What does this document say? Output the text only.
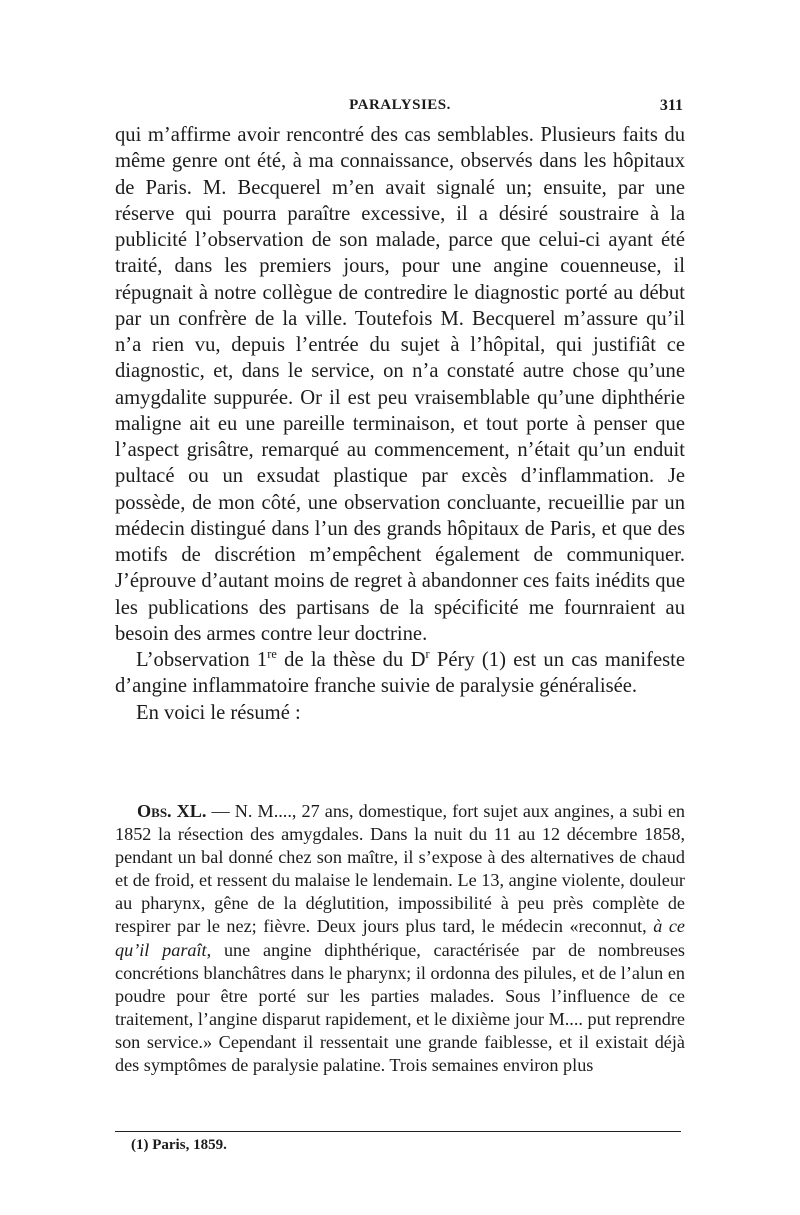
PARALYSIES.	311

qui m’affirme avoir rencontré des cas semblables. Plusieurs faits du même genre ont été, à ma connaissance, observés dans les hôpitaux de Paris. M. Becquerel m’en avait signalé un; ensuite, par une réserve qui pourra paraître excessive, il a désiré soustraire à la publicité l’observation de son malade, parce que celui-ci ayant été traité, dans les premiers jours, pour une angine couenneuse, il répugnait à notre collègue de contredire le diagnostic porté au début par un confrère de la ville. Toutefois M. Becquerel m’assure qu’il n’a rien vu, depuis l’entrée du sujet à l’hôpital, qui justifiât ce diagnostic, et, dans le service, on n’a constaté autre chose qu’une amygdalite suppurée. Or il est peu vraisemblable qu’une diphthérie maligne ait eu une pareille terminaison, et tout porte à penser que l’aspect grisâtre, remarqué au commencement, n’était qu’un enduit pultacé ou un exsudat plastique par excès d’inflammation. Je possède, de mon côté, une observation concluante, recueillie par un médecin distingué dans l’un des grands hôpitaux de Paris, et que des motifs de discrétion m’empêchent également de communiquer. J’éprouve d’autant moins de regret à abandonner ces faits inédits que les publications des partisans de la spécificité me fournraient au besoin des armes contre leur doctrine.

L’observation 1re de la thèse du $D^r$ Péry (1) est un cas manifeste d’angine inflammatoire franche suivie de paralysie généralisée.

En voici le résumé :

Obs. XL. — N. M...., 27 ans, domestique, fort sujet aux angines, a subi en 1852 la résection des amygdales. Dans la nuit du 11 au 12 décembre 1858, pendant un bal donné chez son maître, il s’expose à des alternatives de chaud et de froid, et ressent du malaise le lendemain. Le 13, angine violente, douleur au pharynx, gêne de la déglutition, impossibilité à peu près complète de respirer par le nez; fièvre. Deux jours plus tard, le médecin «reconnut, à ce qu’il paraît, une angine diphthérique, caractérisée par de nombreuses concrétions blanchâtres dans le pharynx; il ordonna des pilules, et de l’alun en poudre pour être porté sur les parties malades. Sous l’influence de ce traitement, l’angine disparut rapidement, et le dixième jour M.... put reprendre son service.» Cependant il ressentait une grande faiblesse, et il existait déjà des symptômes de paralysie palatine. Trois semaines environ plus

(1) Paris, 1859.
